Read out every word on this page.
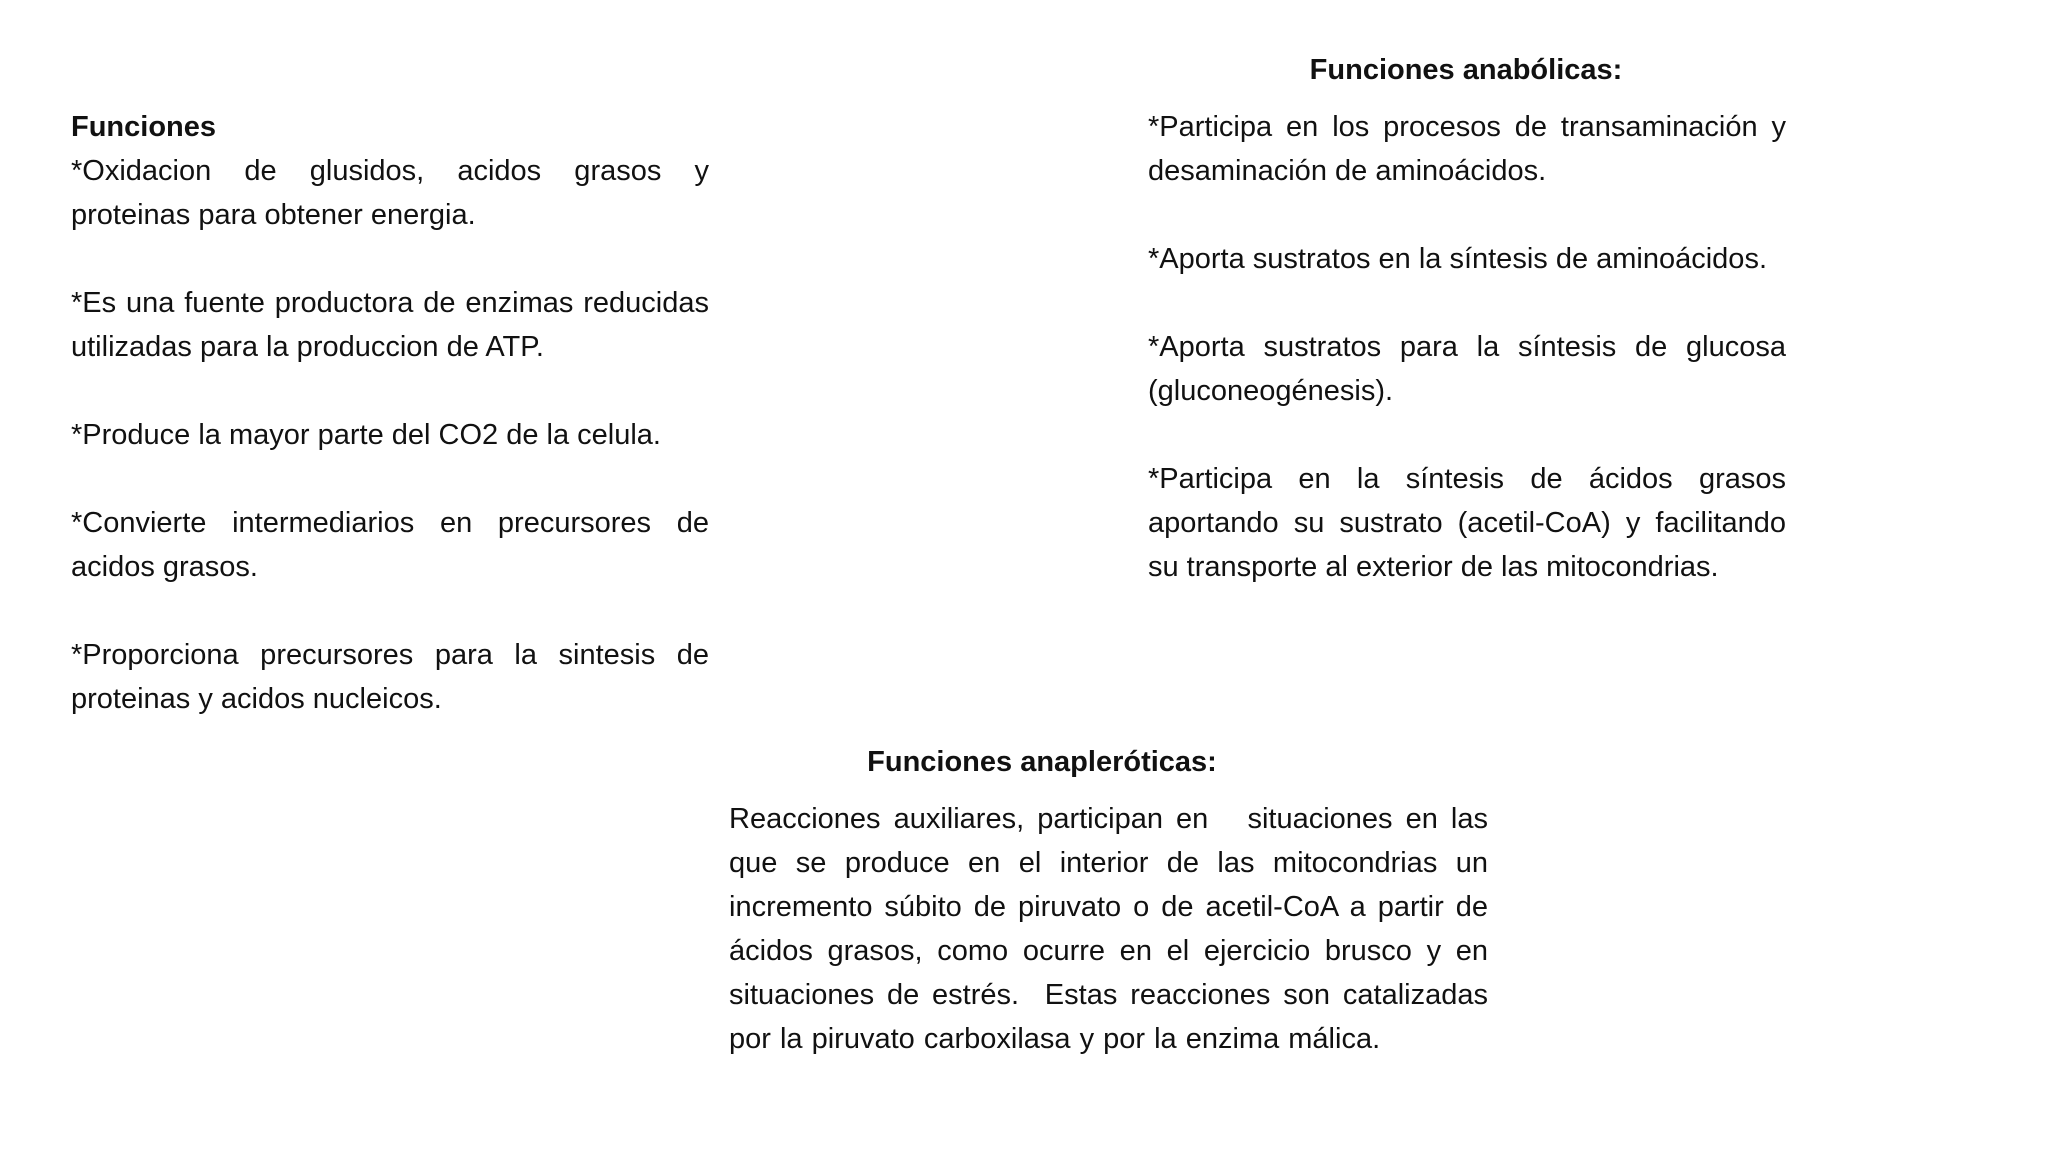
Funciones

*Oxidacion de glusidos, acidos grasos y proteinas para obtener energia.

*Es una fuente productora de enzimas reducidas utilizadas para la produccion de ATP.

*Produce la mayor parte del CO2 de la celula.

*Convierte intermediarios en precursores de acidos grasos.

*Proporciona precursores para la sintesis de proteinas y acidos nucleicos.

Funciones anabólicas:

*Participa en los procesos de transaminación y desaminación de aminoácidos.

*Aporta sustratos en la síntesis de aminoácidos.

*Aporta sustratos para la síntesis de glucosa (gluconeogénesis).

*Participa en la síntesis de ácidos grasos aportando su sustrato (acetil-CoA) y facilitando su transporte al exterior de las mitocondrias.

Funciones anapleróticas:

Reacciones auxiliares, participan en   situaciones en las que se produce en el interior de las mitocondrias un incremento súbito de piruvato o de acetil-CoA a partir de ácidos grasos, como ocurre en el ejercicio brusco y en situaciones de estrés.  Estas reacciones son catalizadas por la piruvato carboxilasa y por la enzima málica.
